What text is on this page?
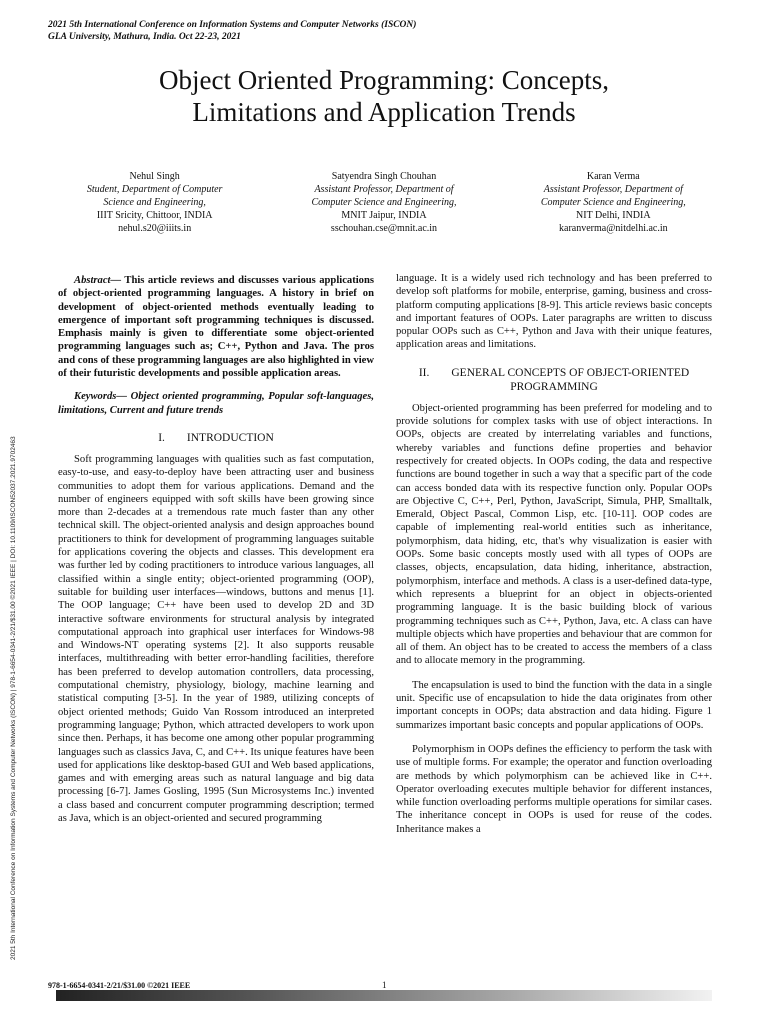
2021 5th International Conference on Information Systems and Computer Networks (ISCON)
GLA University, Mathura, India. Oct 22-23, 2021
Object Oriented Programming: Concepts,
Limitations and Application Trends
Nehul Singh
Student, Department of Computer
Science and Engineering,
IIIT Sricity, Chittoor, INDIA
nehul.s20@iiits.in
Satyendra Singh Chouhan
Assistant Professor, Department of
Computer Science and Engineering,
MNIT Jaipur, INDIA
sschouhan.cse@mnit.ac.in
Karan Verma
Assistant Professor, Department of
Computer Science and Engineering,
NIT Delhi, INDIA
karanverma@nitdelhi.ac.in
2021 5th International Conference on Information Systems and Computer Networks (ISCON) | 978-1-6654-0341-2/21/$31.00 ©2021 IEEE | DOI: 10.1109/ISCON52037.2021.9702463

Abstract— This article reviews and discusses various applications of object-oriented programming languages. A history in brief on development of object-oriented methods eventually leading to emergence of important soft programming techniques is discussed. Emphasis mainly is given to differentiate some object-oriented programming languages such as; C++, Python and Java. The pros and cons of these programming languages are also highlighted in view of their futuristic developments and possible application areas.

Keywords— Object oriented programming, Popular soft-languages, limitations, Current and future trends

I. INTRODUCTION

Soft programming languages with qualities such as fast computation, easy-to-use, and easy-to-deploy have been attracting user and business communities to adopt them for various applications. Demand and the number of engineers equipped with soft skills have been growing since more than 2-decades at a tremendous rate much faster than any other technical skill. The object-oriented analysis and design approaches bound practitioners to think for development of programming languages suitable for applications covering the objects and classes. This development era was further led by coding practitioners to introduce various languages, all classified within a single entity; object-oriented programming (OOP), suitable for building user interfaces—windows, buttons and menus [1]. The OOP language; C++ have been used to develop 2D and 3D interactive software environments for structural analysis by integrated computational approach into graphical user interfaces for Windows-98 and Windows-NT operating systems [2]. It also supports reusable interfaces, multithreading with better error-handling facilities, therefore has been preferred to develop automation controllers, data processing, computational chemistry, physiology, biology, machine learning and statistical computing [3-5]. In the year of 1989, utilizing concepts of object oriented methods; Guido Van Rossom introduced an interpreted programming language; Python, which attracted developers to work upon since then. Perhaps, it has become one among other popular programming languages such as classics Java, C, and C++. Its unique features have been used for applications like desktop-based GUI and Web based applications, games and with emerging areas such as natural language and big data processing [6-7]. James Gosling, 1995 (Sun Microsystems Inc.) invented a class based and concurrent computer programming description; termed as Java, which is an object-oriented and secured programming

language. It is a widely used rich technology and has been preferred to develop soft platforms for mobile, enterprise, gaming, business and cross-platform computing applications [8-9]. This article reviews basic concepts and important features of OOPs. Later paragraphs are written to discuss popular OOPs such as C++, Python and Java with their unique features, application areas and limitations.

II. GENERAL CONCEPTS OF OBJECT-ORIENTED PROGRAMMING

Object-oriented programming has been preferred for modeling and to provide solutions for complex tasks with use of object interactions. In OOPs, objects are created by interrelating variables and functions, whereby variables and functions define properties and behavior respectively for created objects. In OOPs coding, the data and respective functions are bound together in such a way that a specific part of the code can access bonded data with its respective function only. Popular OOPs are Objective C, C++, Perl, Python, JavaScript, Simula, PHP, Smalltalk, Emerald, Object Pascal, Common Lisp, etc. [10-11]. OOP codes are capable of implementing real-world entities such as inheritance, polymorphism, data hiding, etc, that's why visualization is easier with OOPs. Some basic concepts mostly used with all types of OOPs are classes, objects, encapsulation, data hiding, inheritance, abstraction, polymorphism, interface and methods. A class is a user-defined data-type, which represents a blueprint for an object in objects-oriented programming language. It is the basic building block of various programming techniques such as C++, Python, Java, etc. A class can have multiple objects which have properties and behaviour that are common for all of them. An object has to be created to access the members of a class and to allocate memory in the programming.

The encapsulation is used to bind the function with the data in a single unit. Specific use of encapsulation to hide the data originates from other important concepts in OOPs; data abstraction and data hiding. Figure 1 summarizes important basic concepts and popular applications of OOPs.

Polymorphism in OOPs defines the efficiency to perform the task with use of multiple forms. For example; the operator and function overloading are methods by which polymorphism can be achieved like in C++. Operator overloading executes multiple behavior for different instances, while function overloading performs multiple operations for similar cases. The inheritance concept in OOPs is used for reuse of the codes. Inheritance makes a

978-1-6654-0341-2/21/$31.00 ©2021 IEEE	1
